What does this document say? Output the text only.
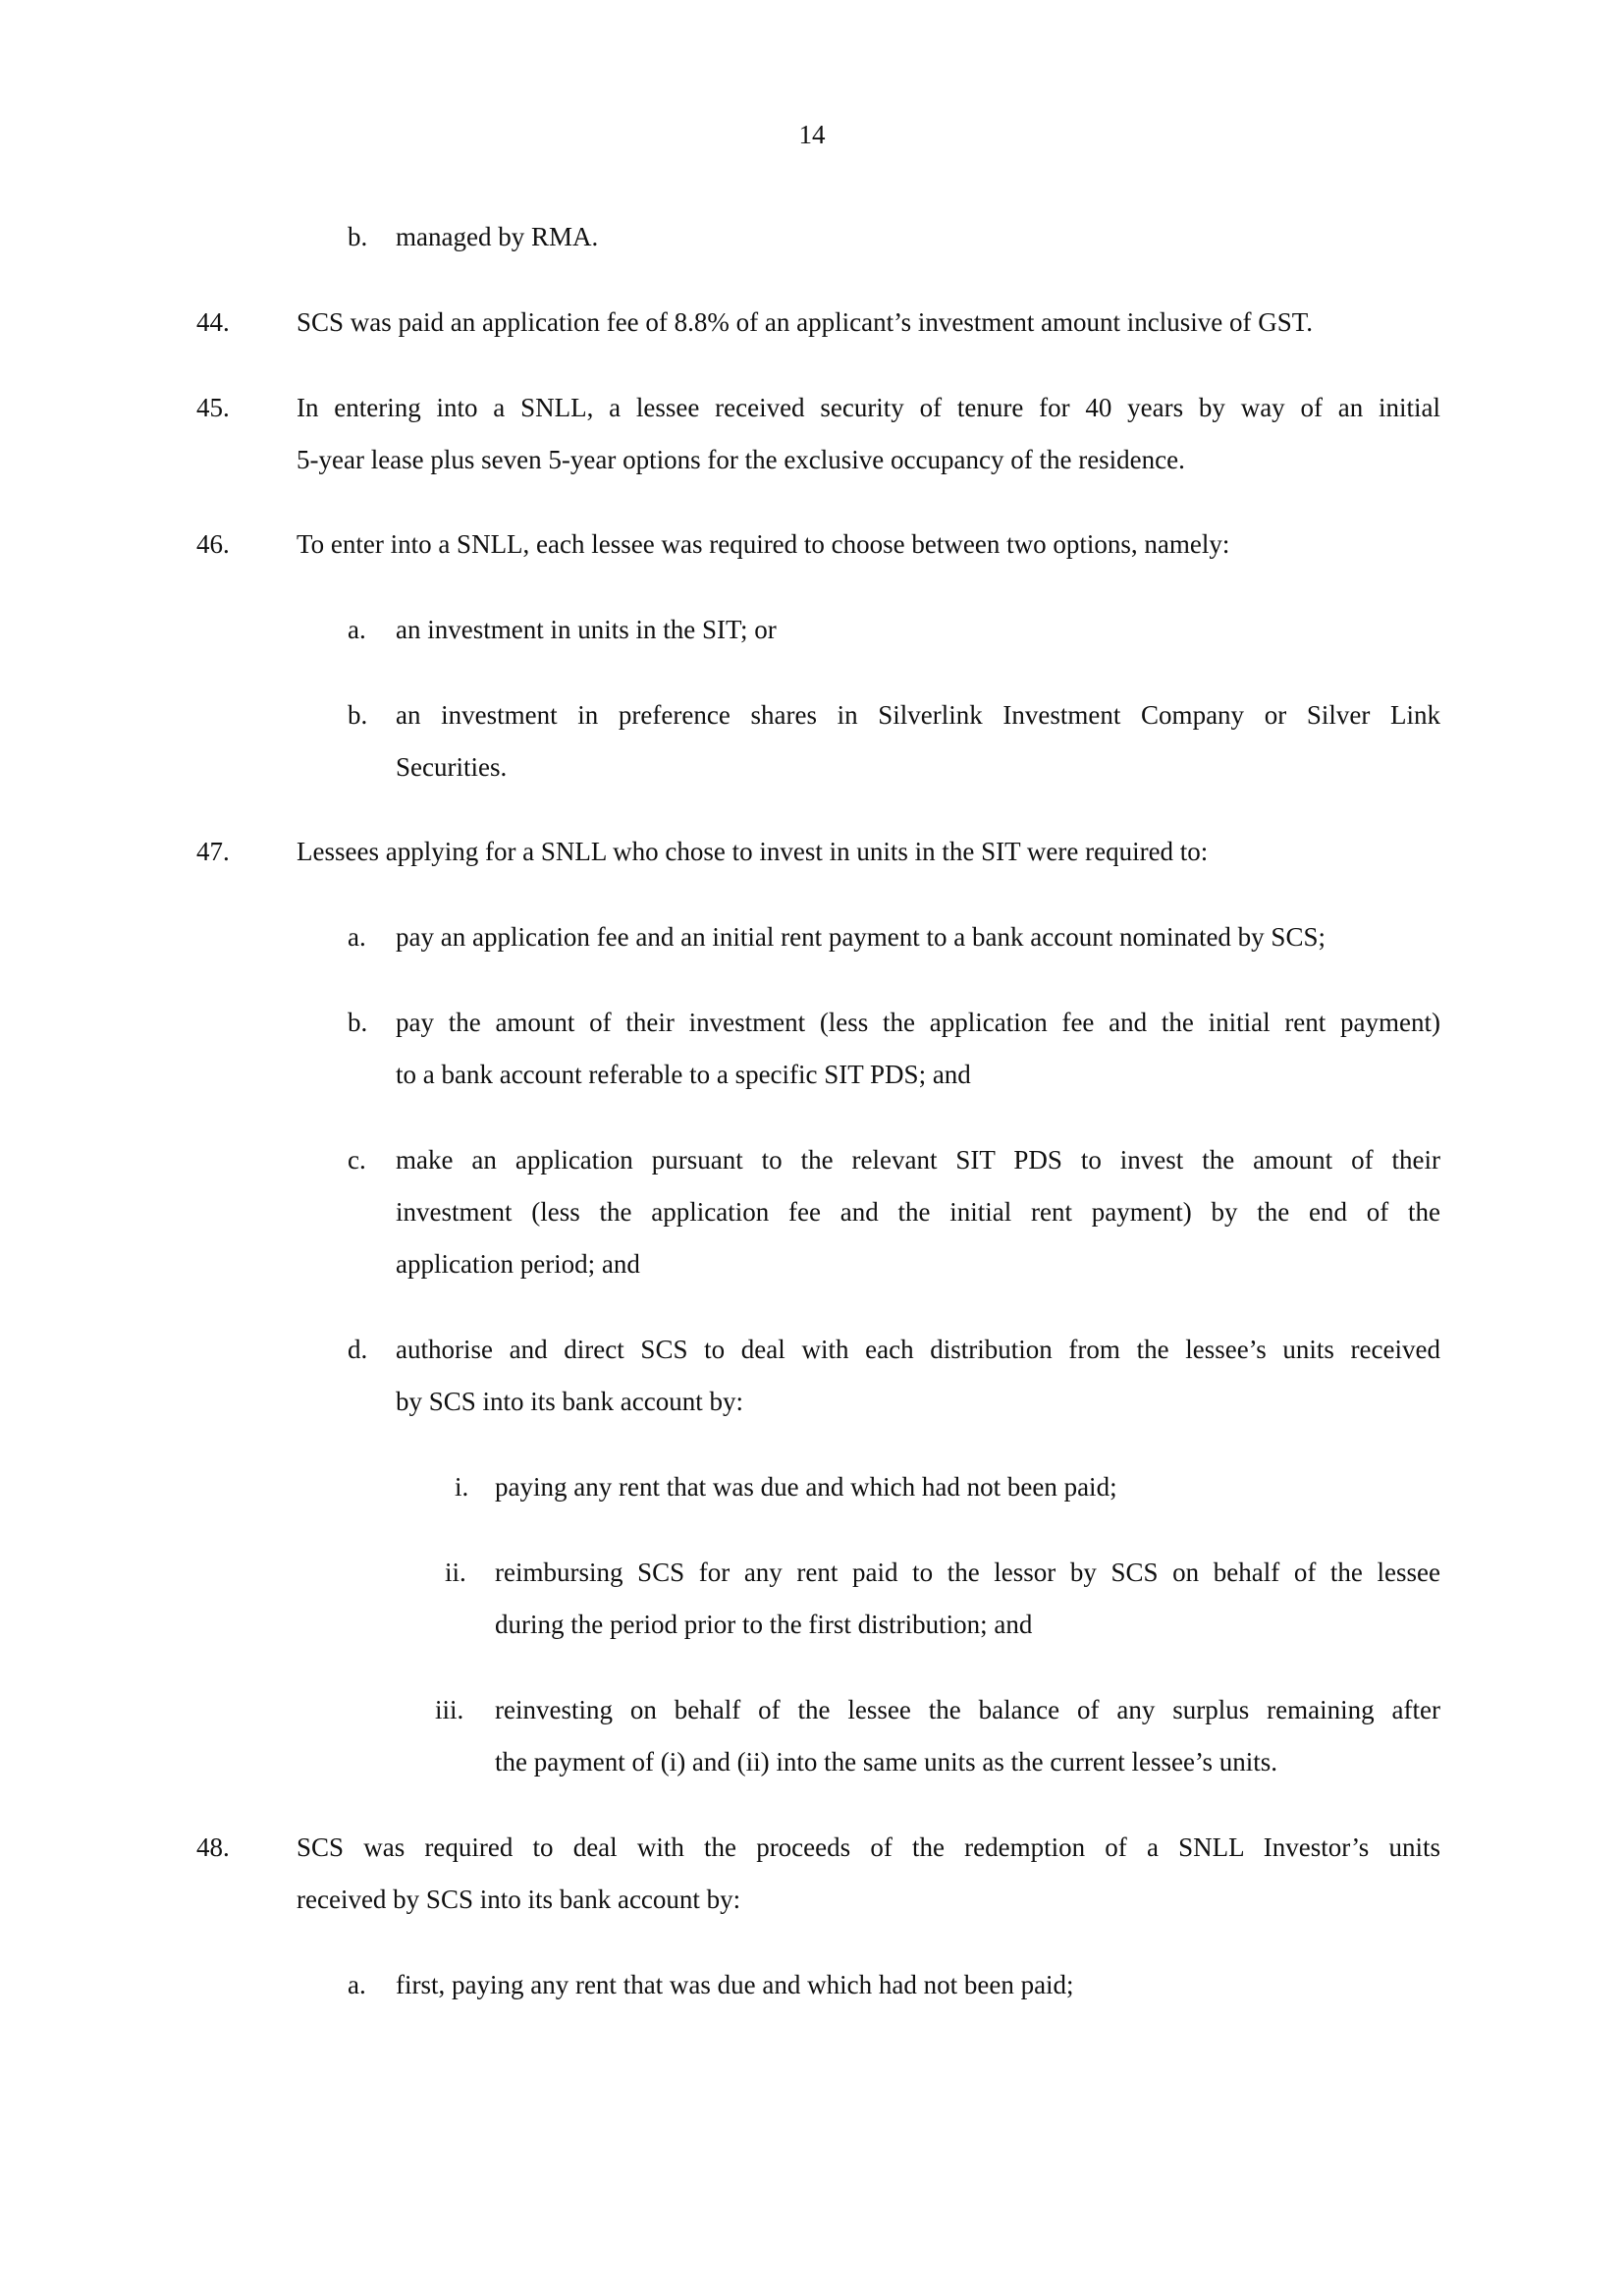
14
b. managed by RMA.
44.	SCS was paid an application fee of 8.8% of an applicant’s investment amount inclusive of GST.
45.	In entering into a SNLL, a lessee received security of tenure for 40 years by way of an initial
5-year lease plus seven 5-year options for the exclusive occupancy of the residence.
46.	To enter into a SNLL, each lessee was required to choose between two options, namely:
a. an investment in units in the SIT; or
b. an investment in preference shares in Silverlink Investment Company or Silver Link
Securities.
47.	Lessees applying for a SNLL who chose to invest in units in the SIT were required to:
a. pay an application fee and an initial rent payment to a bank account nominated by SCS;
b. pay the amount of their investment (less the application fee and the initial rent payment)
to a bank account referable to a specific SIT PDS; and
c. make an application pursuant to the relevant SIT PDS to invest the amount of their
investment (less the application fee and the initial rent payment) by the end of the
application period; and
d. authorise and direct SCS to deal with each distribution from the lessee’s units received
by SCS into its bank account by:
i. paying any rent that was due and which had not been paid;
ii. reimbursing SCS for any rent paid to the lessor by SCS on behalf of the lessee
during the period prior to the first distribution; and
iii. reinvesting on behalf of the lessee the balance of any surplus remaining after
the payment of (i) and (ii) into the same units as the current lessee’s units.
48.	SCS was required to deal with the proceeds of the redemption of a SNLL Investor’s units
received by SCS into its bank account by:
a. first, paying any rent that was due and which had not been paid;
